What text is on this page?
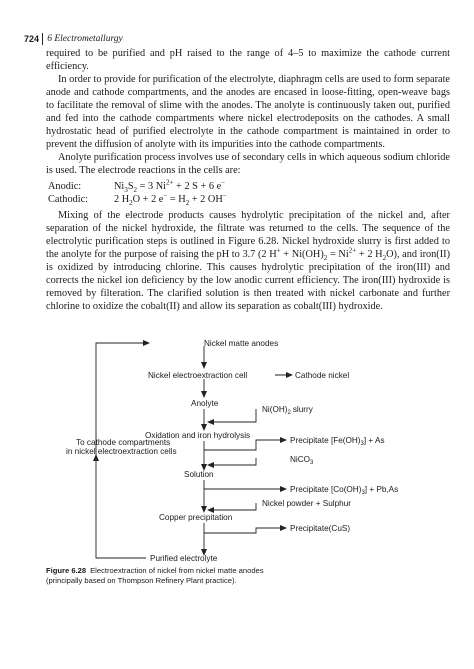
724 6 Electrometallurgy

required to be purified and pH raised to the range of 4–5 to maximize the cathode current efficiency.

In order to provide for purification of the electrolyte, diaphragm cells are used to form separate anode and cathode compartments, and the anodes are encased in loose-fitting, open-weave bags to facilitate the removal of slime with the anodes. The anolyte is continuously taken out, purified and fed into the cathode compartments where nickel electrodeposits on the cathodes. A small hydrostatic head of purified electrolyte in the cathode compartment is maintained in order to prevent the diffusion of anolyte with its impurities into the cathode compartments.

Anolyte purification process involves use of secondary cells in which aqueous sodium chloride is used. The electrode reactions in the cells are:

Anodic:	$Ni_3S_2 = 3$ $Ni^{2+} + 2$ S + 6 e−
Cathodic:	2 $H_2O + 2$ $e^- = H_2 + 2$ OH−

Mixing of the electrode products causes hydrolytic precipitation of the nickel and, after separation of the nickel hydroxide, the filtrate was returned to the cells. The sequence of the electrolytic purification steps is outlined in Figure 6.28. Nickel hydroxide slurry is first added to the anolyte for the purpose of raising the pH to 3.7 (2 $H^+ + Ni(OH)_2 = Ni^{2+} + 2$ $H_2O$), and iron(II) is oxidized by introducing chlorine. This causes hydrolytic precipitation of the iron(III) and corrects the nickel ion deficiency by the low anodic current efficiency. The iron(III) hydroxide is removed by filteration. The clarified solution is then treated with nickel carbonate and further chlorine to oxidize the cobalt(II) and allow its separation as cobalt(III) hydroxide.

Nickel matte anodes
Nickel electroextraction cell	Cathode nickel
Anolyte
$Ni(OH)_2$ slurry
Oxidation and iron hydrolysis
Precipitate $[Fe(OH)_3] + As$
To cathode compartments
in nickel electroextraction cells
NiCO$_3$
Solution
Precipitate $[Co(OH)_3] + Pb,As$
Nickel powder + Sulphur
Copper precipitation
Precipitate(CuS)
Purified electrolyte
Figure 6.28 Electroextraction of nickel from nickel matte anodes
(principally based on Thompson Refinery Plant practice).
